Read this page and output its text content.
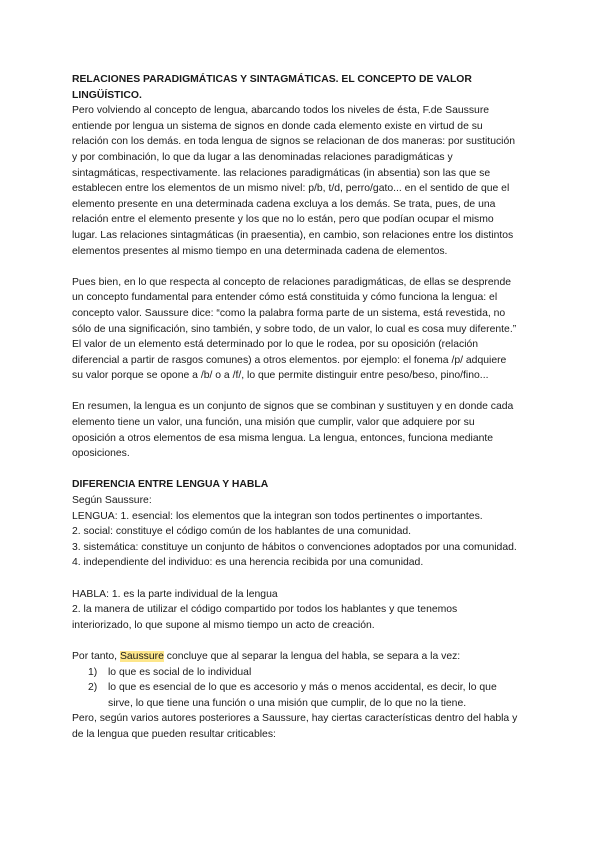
RELACIONES PARADIGMÁTICAS Y SINTAGMÁTICAS. EL CONCEPTO DE VALOR LINGÜÍSTICO.

Pero volviendo al concepto de lengua, abarcando todos los niveles de ésta, F.de Saussure entiende por lengua un sistema de signos en donde cada elemento existe en virtud de su relación con los demás. en toda lengua de signos se relacionan de dos maneras: por sustitución y por combinación, lo que da lugar a las denominadas relaciones paradigmáticas y sintagmáticas, respectivamente. las relaciones paradigmáticas (in absentia) son las que se establecen entre los elementos de un mismo nivel: p/b, t/d, perro/gato... en el sentido de que el elemento presente en una determinada cadena excluya a los demás. Se trata, pues, de una relación entre el elemento presente y los que no lo están, pero que podían ocupar el mismo lugar. Las relaciones sintagmáticas (in praesentia), en cambio, son relaciones entre los distintos elementos presentes al mismo tiempo en una determinada cadena de elementos.

Pues bien, en lo que respecta al concepto de relaciones paradigmáticas, de ellas se desprende un concepto fundamental para entender cómo está constituida y cómo funciona la lengua: el concepto valor. Saussure dice: “como la palabra forma parte de un sistema, está revestida, no sólo de una significación, sino también, y sobre todo, de un valor, lo cual es cosa muy diferente.” El valor de un elemento está determinado por lo que le rodea, por su oposición (relación diferencial a partir de rasgos comunes) a otros elementos. por ejemplo: el fonema /p/ adquiere su valor porque se opone a /b/ o a /f/, lo que permite distinguir entre peso/beso, pino/fino...

En resumen, la lengua es un conjunto de signos que se combinan y sustituyen y en donde cada elemento tiene un valor, una función, una misión que cumplir, valor que adquiere por su oposición a otros elementos de esa misma lengua. La lengua, entonces, funciona mediante oposiciones.

DIFERENCIA ENTRE LENGUA Y HABLA

Según Saussure:

LENGUA: 1. esencial: los elementos que la integran son todos pertinentes o importantes.

2. social: constituye el código común de los hablantes de una comunidad.

3. sistemática: constituye un conjunto de hábitos o convenciones adoptados por una comunidad.

4. independiente del individuo: es una herencia recibida por una comunidad.

HABLA: 1. es la parte individual de la lengua

2. la manera de utilizar el código compartido por todos los hablantes y que tenemos interiorizado, lo que supone al mismo tiempo un acto de creación.

Por tanto, Saussure concluye que al separar la lengua del habla, se separa a la vez:

1) lo que es social de lo individual
2) lo que es esencial de lo que es accesorio y más o menos accidental, es decir, lo que sirve, lo que tiene una función o una misión que cumplir, de lo que no la tiene.

Pero, según varios autores posteriores a Saussure, hay ciertas características dentro del habla y de la lengua que pueden resultar criticables:
